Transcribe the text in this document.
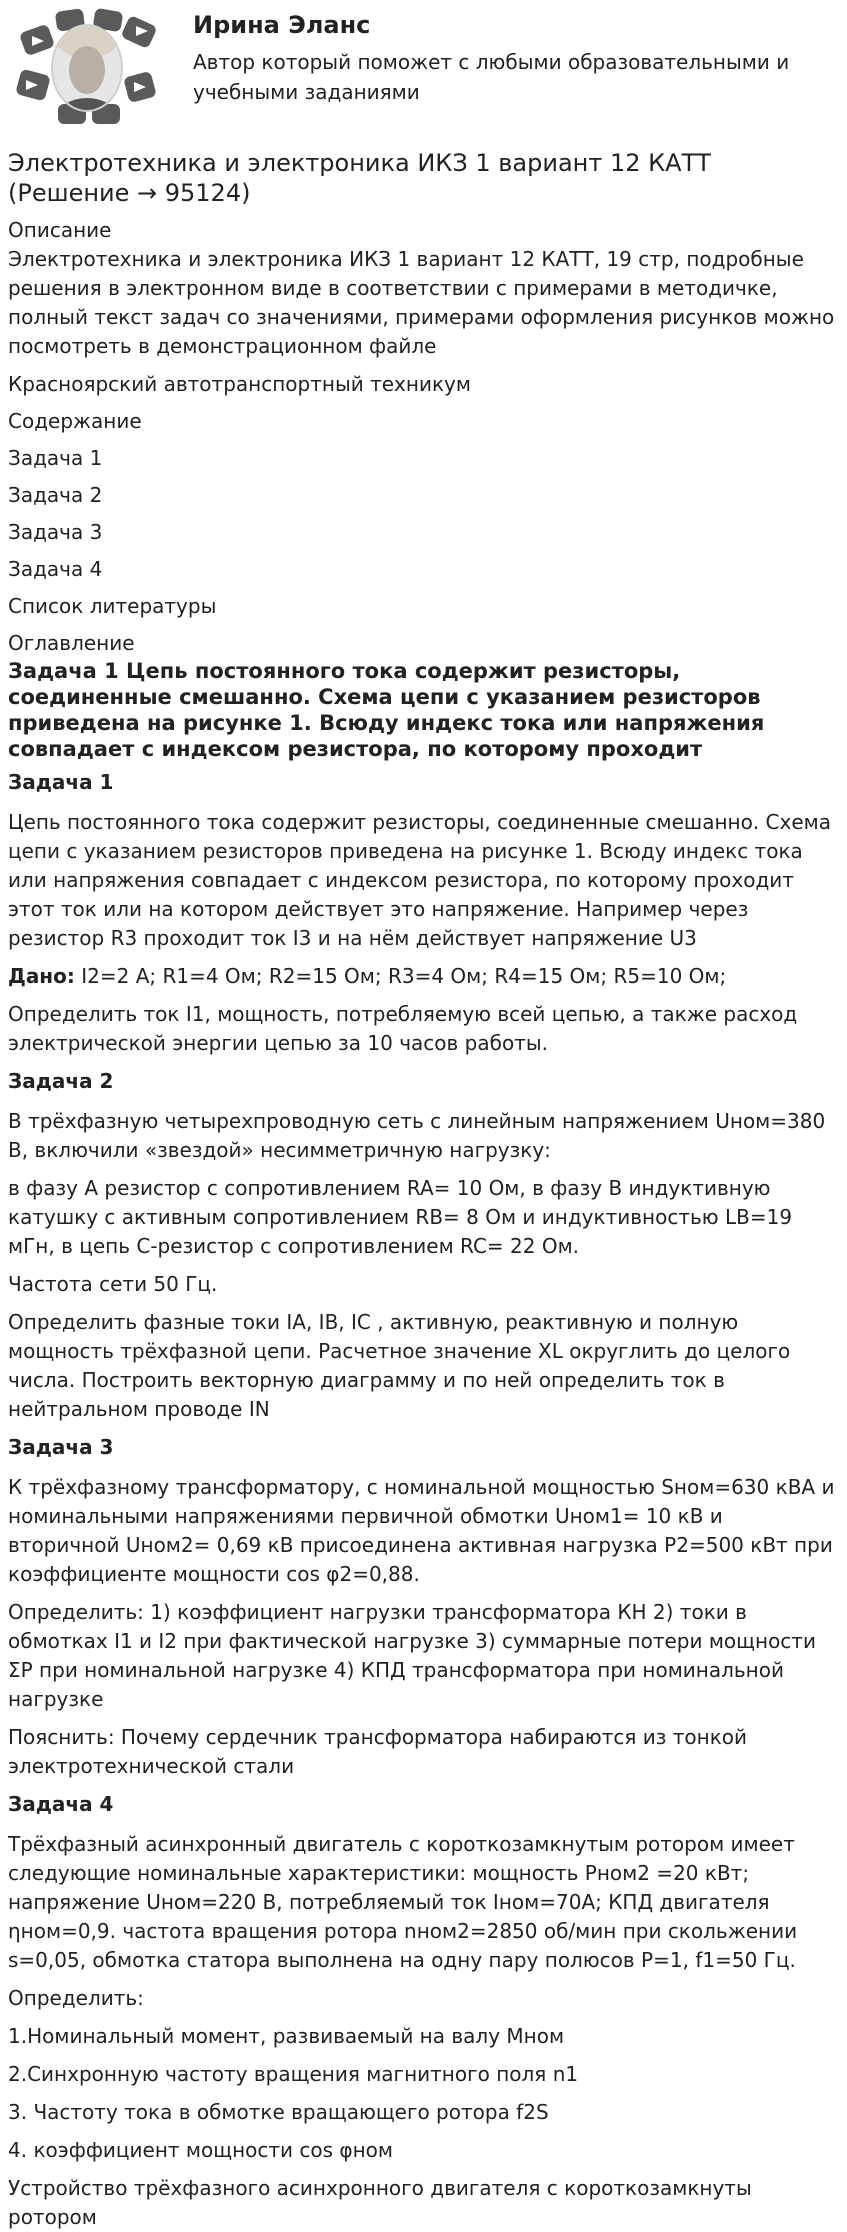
Ирина Эланс
Автор который поможет с любыми образовательными и учебными заданиями
Электротехника и электроника ИКЗ 1 вариант 12 КАТТ (Решение → 95124)

Описание

Электротехника и электроника ИКЗ 1 вариант 12 КАТТ, 19 стр, подробные решения в электронном виде в соответствии с примерами в методичке, полный текст задач со значениями, примерами оформления рисунков можно посмотреть в демонстрационном файле

Красноярский автотранспортный техникум

Содержание

Задача 1

Задача 2

Задача 3

Задача 4

Список литературы

Оглавление

Задача 1 Цепь постоянного тока содержит резисторы, соединенные смешанно. Схема цепи с указанием резисторов приведена на рисунке 1. Всюду индекс тока или напряжения совпадает с индексом резистора, по которому проходит

Задача 1

Цепь постоянного тока содержит резисторы, соединенные смешанно. Схема цепи с указанием резисторов приведена на рисунке 1. Всюду индекс тока или напряжения совпадает с индексом резистора, по которому проходит этот ток или на котором действует это напряжение. Например через резистор R3 проходит ток I3 и на нём действует напряжение U3

Дано: I2=2 А; R1=4 Ом; R2=15 Ом; R3=4 Ом; R4=15 Ом; R5=10 Ом;

Определить ток I1, мощность, потребляемую всей цепью, а также расход электрической энергии цепью за 10 часов работы.

Задача 2

В трёхфазную четырехпроводную сеть с линейным напряжением Uном=380 В, включили «звездой» несимметричную нагрузку:

в фазу А резистор с сопротивлением RA= 10 Ом, в фазу В индуктивную катушку с активным сопротивлением RB= 8 Ом и индуктивностью LB=19 мГн, в цепь С-резистор с сопротивлением RC= 22 Ом.

Частота сети 50 Гц.

Определить фазные токи IA, IB, IC , активную, реактивную и полную мощность трёхфазной цепи. Расчетное значение XL округлить до целого числа. Построить векторную диаграмму и по ней определить ток в нейтральном проводе IN

Задача 3

К трёхфазному трансформатору, с номинальной мощностью Sном=630 кВА и номинальными напряжениями первичной обмотки Uном1= 10 кВ и вторичной Uном2= 0,69 кВ присоединена активная нагрузка P2=500 кВт при коэффициенте мощности cos φ2=0,88.

Определить: 1) коэффициент нагрузки трансформатора КН 2) токи в обмотках I1 и I2 при фактической нагрузке 3) суммарные потери мощности ΣP при номинальной нагрузке 4) КПД трансформатора при номинальной нагрузке

Пояснить: Почему сердечник трансформатора набираются из тонкой электротехнической стали

Задача 4

Трёхфазный асинхронный двигатель с короткозамкнутым ротором имеет следующие номинальные характеристики: мощность Pном2 =20 кВт; напряжение Uном=220 В, потребляемый ток Iном=70А; КПД двигателя ηном=0,9. частота вращения ротора nном2=2850 об/мин при скольжении s=0,05, обмотка статора выполнена на одну пару полюсов P=1, f1=50 Гц.

Определить:

1.Номинальный момент, развиваемый на валу Мном

2.Синхронную частоту вращения магнитного поля n1

3. Частоту тока в обмотке вращающего ротора f2S

4. коэффициент мощности cos φном

Устройство трёхфазного асинхронного двигателя с короткозамкнуты ротором
